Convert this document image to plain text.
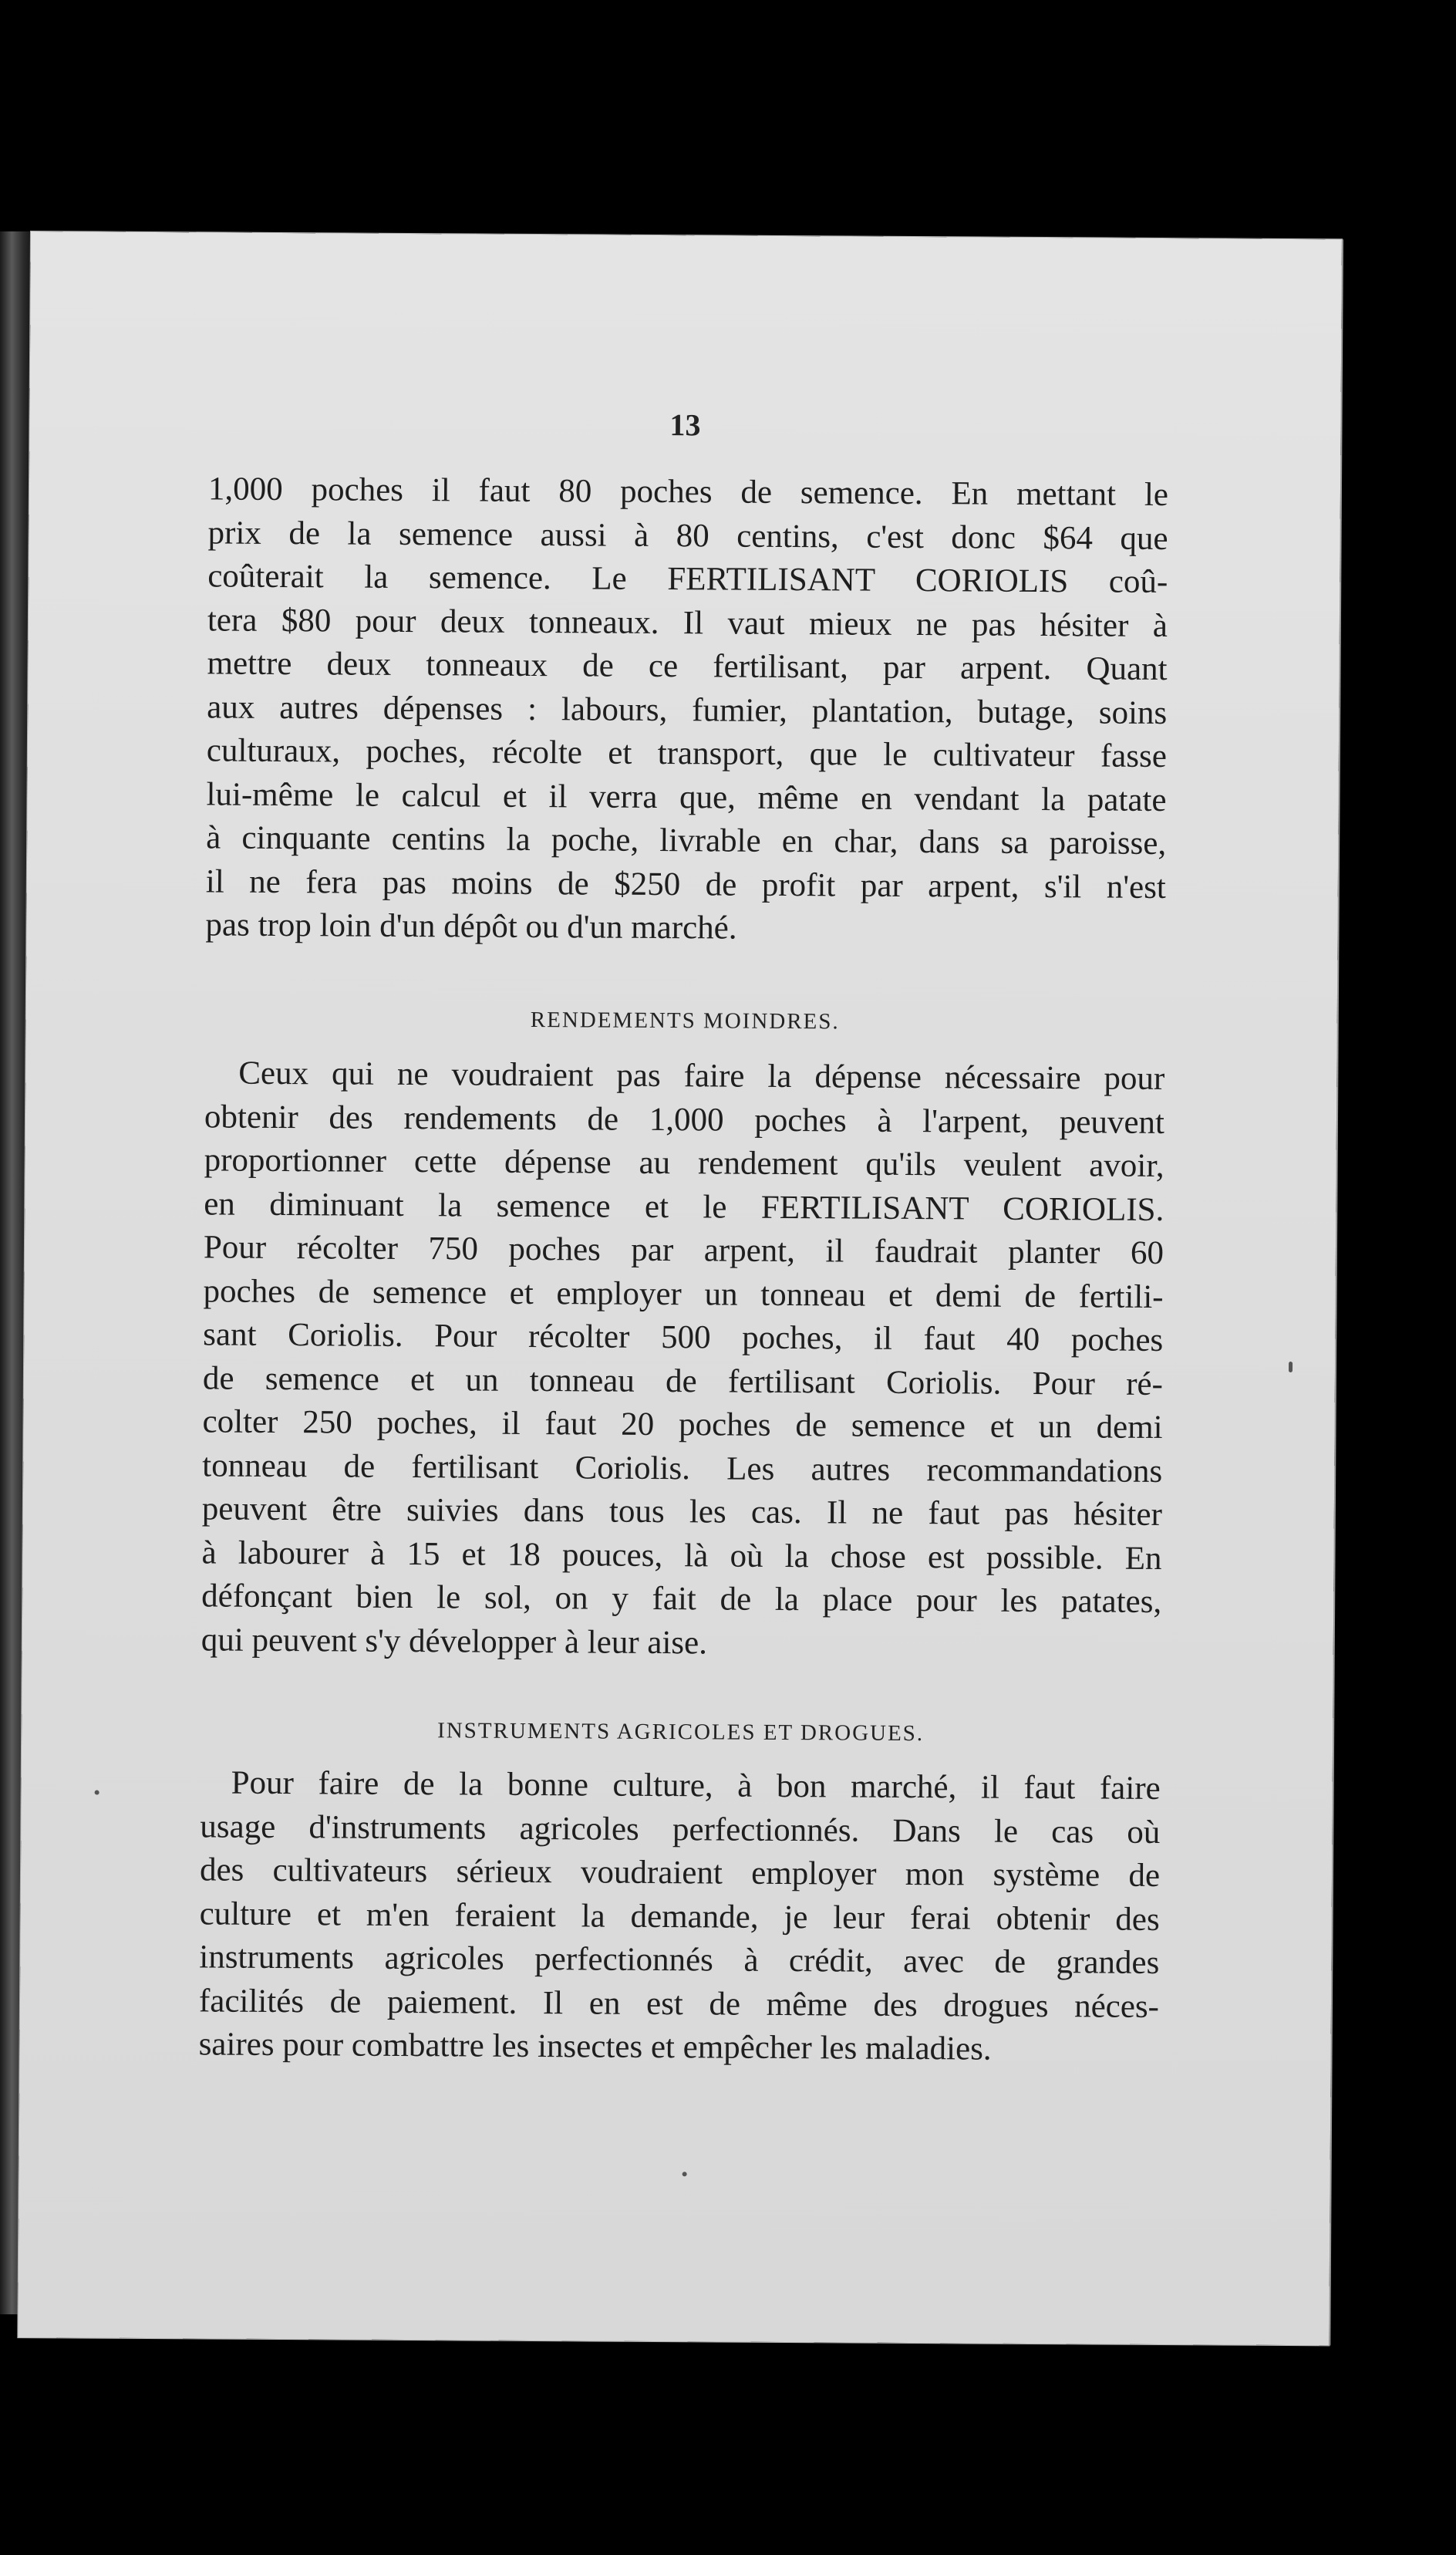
13
1,000 poches il faut 80 poches de semence. En mettant le
prix de la semence aussi à 80 centins, c'est donc $64 que
coûterait la semence. Le FERTILISANT CORIOLIS coû-
tera $80 pour deux tonneaux. Il vaut mieux ne pas hésiter à
mettre deux tonneaux de ce fertilisant, par arpent. Quant
aux autres dépenses : labours, fumier, plantation, butage, soins
culturaux, poches, récolte et transport, que le cultivateur fasse
lui-même le calcul et il verra que, même en vendant la patate
à cinquante centins la poche, livrable en char, dans sa paroisse,
il ne fera pas moins de $250 de profit par arpent, s'il n'est
pas trop loin d'un dépôt ou d'un marché.
RENDEMENTS MOINDRES.
Ceux qui ne voudraient pas faire la dépense nécessaire pour
obtenir des rendements de 1,000 poches à l'arpent, peuvent
proportionner cette dépense au rendement qu'ils veulent avoir,
en diminuant la semence et le FERTILISANT CORIOLIS.
Pour récolter 750 poches par arpent, il faudrait planter 60
poches de semence et employer un tonneau et demi de fertili-
sant Coriolis. Pour récolter 500 poches, il faut 40 poches
de semence et un tonneau de fertilisant Coriolis. Pour ré-
colter 250 poches, il faut 20 poches de semence et un demi
tonneau de fertilisant Coriolis. Les autres recommandations
peuvent être suivies dans tous les cas. Il ne faut pas hésiter
à labourer à 15 et 18 pouces, là où la chose est possible. En
défonçant bien le sol, on y fait de la place pour les patates,
qui peuvent s'y développer à leur aise.
INSTRUMENTS AGRICOLES ET DROGUES.
Pour faire de la bonne culture, à bon marché, il faut faire
usage d'instruments agricoles perfectionnés. Dans le cas où
des cultivateurs sérieux voudraient employer mon système de
culture et m'en feraient la demande, je leur ferai obtenir des
instruments agricoles perfectionnés à crédit, avec de grandes
facilités de paiement. Il en est de même des drogues néces-
saires pour combattre les insectes et empêcher les maladies.
